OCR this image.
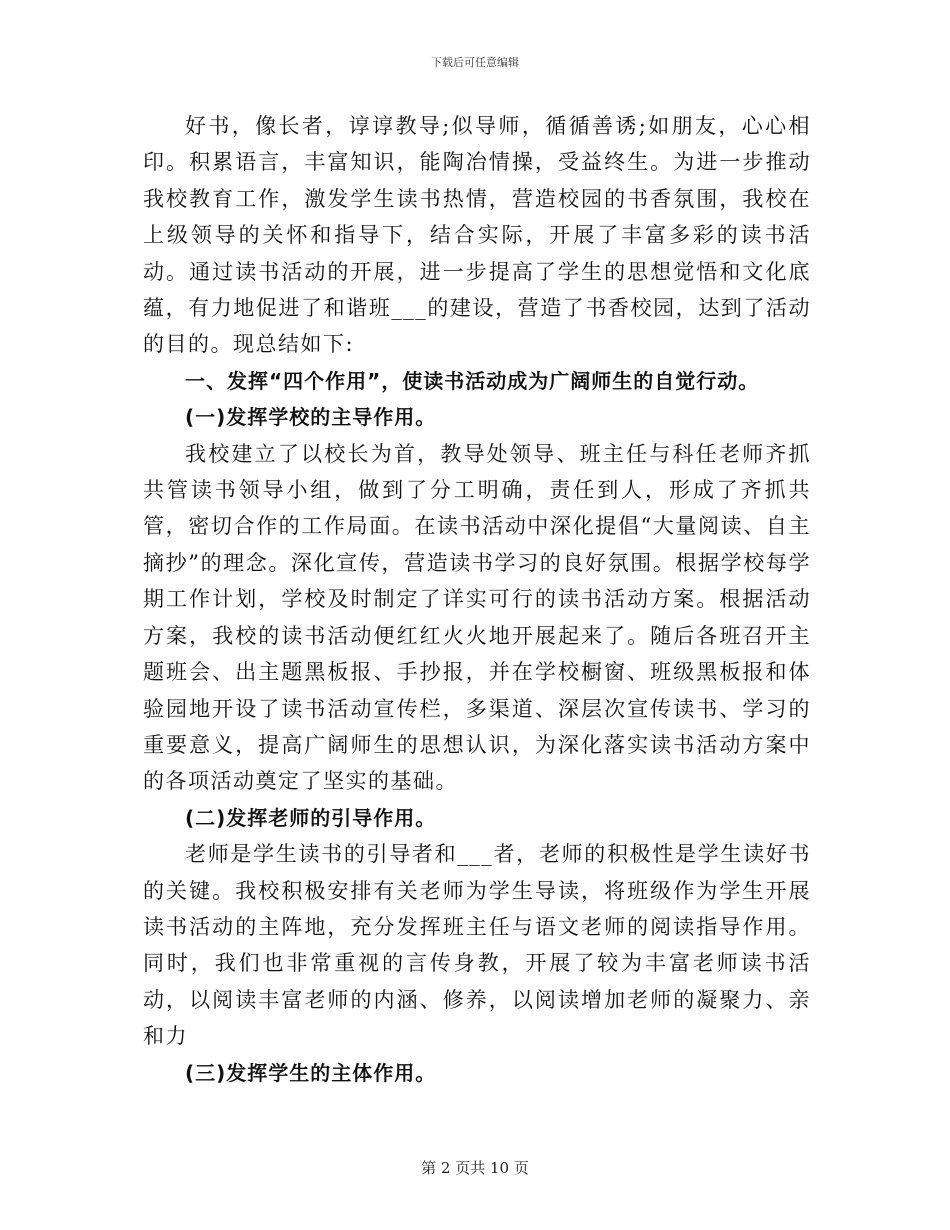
下载后可任意编辑

好书，像长者，谆谆教导;似导师，循循善诱;如朋友，心心相印。积累语言，丰富知识，能陶冶情操，受益终生。为进一步推动我校教育工作，激发学生读书热情，营造校园的书香氛围，我校在上级领导的关怀和指导下，结合实际，开展了丰富多彩的读书活动。通过读书活动的开展，进一步提高了学生的思想觉悟和文化底蕴，有力地促进了和谐班___的建设，营造了书香校园，达到了活动的目的。现总结如下:

一、发挥“四个作用”，使读书活动成为广阔师生的自觉行动。

(一)发挥学校的主导作用。

我校建立了以校长为首，教导处领导、班主任与科任老师齐抓共管读书领导小组，做到了分工明确，责任到人，形成了齐抓共管，密切合作的工作局面。在读书活动中深化提倡“大量阅读、自主摘抄”的理念。深化宣传，营造读书学习的良好氛围。根据学校每学期工作计划，学校及时制定了详实可行的读书活动方案。根据活动方案，我校的读书活动便红红火火地开展起来了。随后各班召开主题班会、出主题黑板报、手抄报，并在学校橱窗、班级黑板报和体验园地开设了读书活动宣传栏，多渠道、深层次宣传读书、学习的重要意义，提高广阔师生的思想认识，为深化落实读书活动方案中的各项活动奠定了坚实的基础。

(二)发挥老师的引导作用。

老师是学生读书的引导者和___者，老师的积极性是学生读好书的关键。我校积极安排有关老师为学生导读，将班级作为学生开展读书活动的主阵地，充分发挥班主任与语文老师的阅读指导作用。同时，我们也非常重视的言传身教，开展了较为丰富老师读书活动，以阅读丰富老师的内涵、修养，以阅读增加老师的凝聚力、亲和力

(三)发挥学生的主体作用。

第 2 页共 10 页
